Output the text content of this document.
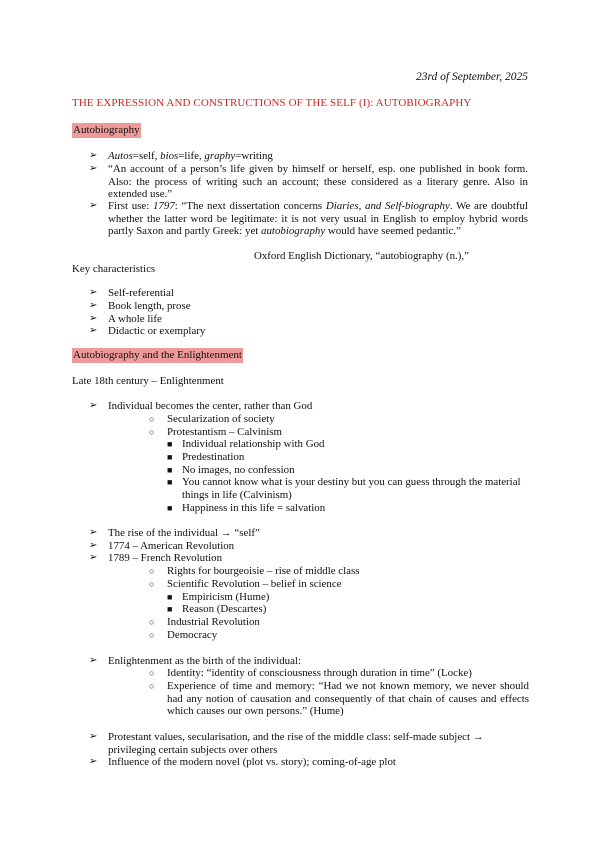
23rd of September, 2025
THE EXPRESSION AND CONSTRUCTIONS OF THE SELF (I): AUTOBIOGRAPHY
Autobiography
➢ Autos=self, bios=life, graphy=writing
➢ “An account of a person’s life given by himself or herself, esp. one published in book form. Also: the process of writing such an account; these considered as a literary genre. Also in extended use.”
➢ First use: 1797: “The next dissertation concerns Diaries, and Self-biography. We are doubtful whether the latter word be legitimate: it is not very usual in English to employ hybrid words partly Saxon and partly Greek: yet autobiography would have seemed pedantic.”
Oxford English Dictionary, “autobiography (n.),”
Key characteristics
➢ Self-referential
➢ Book length, prose
➢ A whole life
➢ Didactic or exemplary
Autobiography and the Enlightenment
Late 18th century – Enlightenment
➢ Individual becomes the center, rather than God
○ Secularization of society
○ Protestantism – Calvinism
■ Individual relationship with God
■ Predestination
■ No images, no confession
■ You cannot know what is your destiny but you can guess through the material things in life (Calvinism)
■ Happiness in this life = salvation
➢ The rise of the individual → “self”
➢ 1774 – American Revolution
➢ 1789 – French Revolution
○ Rights for bourgeoisie – rise of middle class
○ Scientific Revolution – belief in science
■ Empiricism (Hume)
■ Reason (Descartes)
○ Industrial Revolution
○ Democracy
➢ Enlightenment as the birth of the individual:
○ Identity: “identity of consciousness through duration in time” (Locke)
○ Experience of time and memory: “Had we not known memory, we never should had any notion of causation and consequently of that chain of causes and effects which causes our own persons.” (Hume)
➢ Protestant values, secularisation, and the rise of the middle class: self-made subject → privileging certain subjects over others
➢ Influence of the modern novel (plot vs. story); coming-of-age plot
